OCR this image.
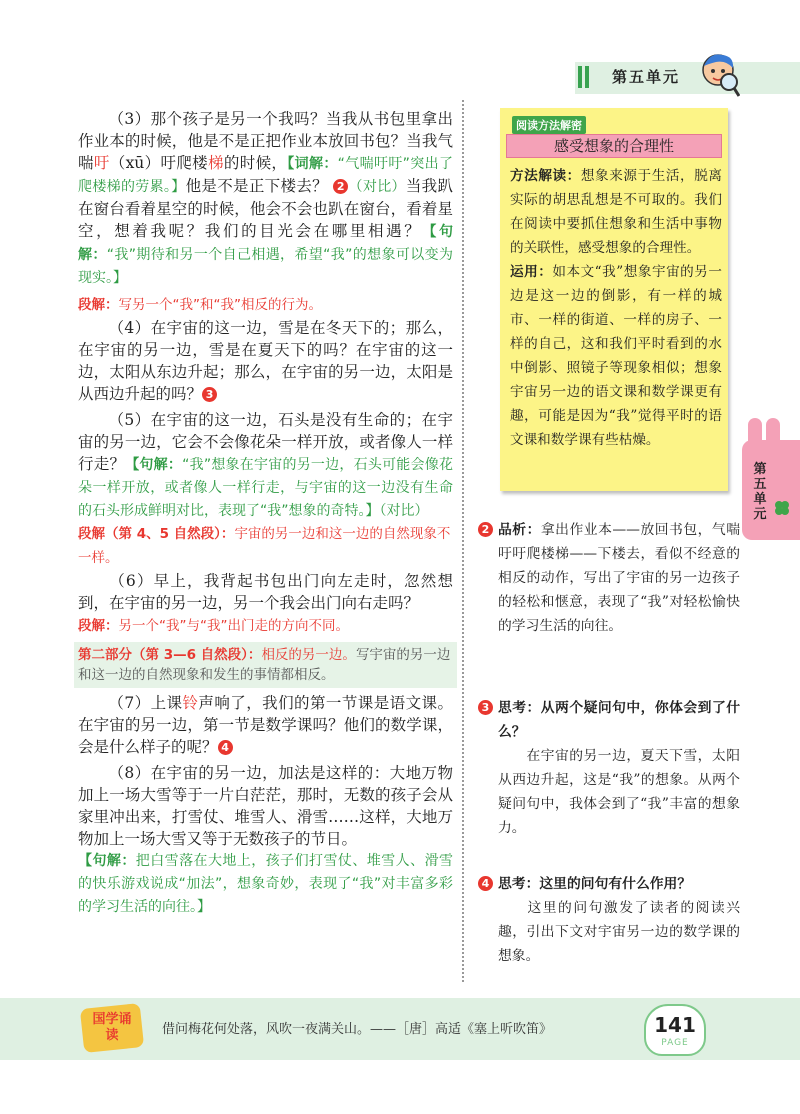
第五单元

（3）那个孩子是另一个我吗？当我从书包里拿出作业本的时候，他是不是正把作业本放回书包？当我气喘吁（xū）吁爬楼梯的时候，【词解：“气喘吁吁”突出了爬楼梯的劳累。】他是不是正下楼去？ 2 （对比）当我趴在窗台看着星空的时候，他会不会也趴在窗台，看着星空，想着我呢？我们的目光会在哪里相遇？【句解：“我”期待和另一个自己相遇，希望“我”的想象可以变为现实。】

段解：写另一个“我”和“我”相反的行为。

（4）在宇宙的这一边，雪是在冬天下的；那么，在宇宙的另一边，雪是在夏天下的吗？在宇宙的这一边，太阳从东边升起；那么，在宇宙的另一边，太阳是从西边升起的吗？ 3

（5）在宇宙的这一边，石头是没有生命的；在宇宙的另一边，它会不会像花朵一样开放，或者像人一样行走？【句解：“我”想象在宇宙的另一边，石头可能会像花朵一样开放，或者像人一样行走，与宇宙的这一边没有生命的石头形成鲜明对比，表现了“我”想象的奇特。】（对比）

段解（第 4、5 自然段）：宇宙的另一边和这一边的自然现象不一样。

（6）早上，我背起书包出门向左走时，忽然想到，在宇宙的另一边，另一个我会出门向右走吗？

段解：另一个“我”与“我”出门走的方向不同。

第二部分（第 3—6 自然段）：相反的另一边。写宇宙的另一边和这一边的自然现象和发生的事情都相反。

（7）上课铃声响了，我们的第一节课是语文课。在宇宙的另一边，第一节是数学课吗？他们的数学课，会是什么样子的呢？ 4

（8）在宇宙的另一边，加法是这样的：大地万物加上一场大雪等于一片白茫茫，那时，无数的孩子会从家里冲出来，打雪仗、堆雪人、滑雪……这样，大地万物加上一场大雪又等于无数孩子的节日。

【句解：把白雪落在大地上，孩子们打雪仗、堆雪人、滑雪的快乐游戏说成“加法”，想象奇妙，表现了“我”对丰富多彩的学习生活的向往。】

阅读方法解密
感受想象的合理性
方法解读：想象来源于生活，脱离实际的胡思乱想是不可取的。我们在阅读中要抓住想象和生活中事物的关联性，感受想象的合理性。
运用：如本文“我”想象宇宙的另一边是这一边的倒影，有一样的城市、一样的街道、一样的房子、一样的自己，这和我们平时看到的水中倒影、照镜子等现象相似；想象宇宙另一边的语文课和数学课更有趣，可能是因为“我”觉得平时的语文课和数学课有些枯燥。
2 品析：拿出作业本——放回书包，气喘吁吁爬楼梯——下楼去，看似不经意的相反的动作，写出了宇宙的另一边孩子的轻松和惬意，表现了“我”对轻松愉快的学习生活的向往。
3 思考：从两个疑问句中，你体会到了什么？
在宇宙的另一边，夏天下雪，太阳从西边升起，这是“我”的想象。从两个疑问句中，我体会到了“我”丰富的想象力。
4 思考：这里的问句有什么作用？
这里的问句激发了读者的阅读兴趣，引出下文对宇宙另一边的数学课的想象。
第五单元
国学诵读	借问梅花何处落，风吹一夜满关山。——［唐］高适《塞上听吹笛》	141
PAGE
